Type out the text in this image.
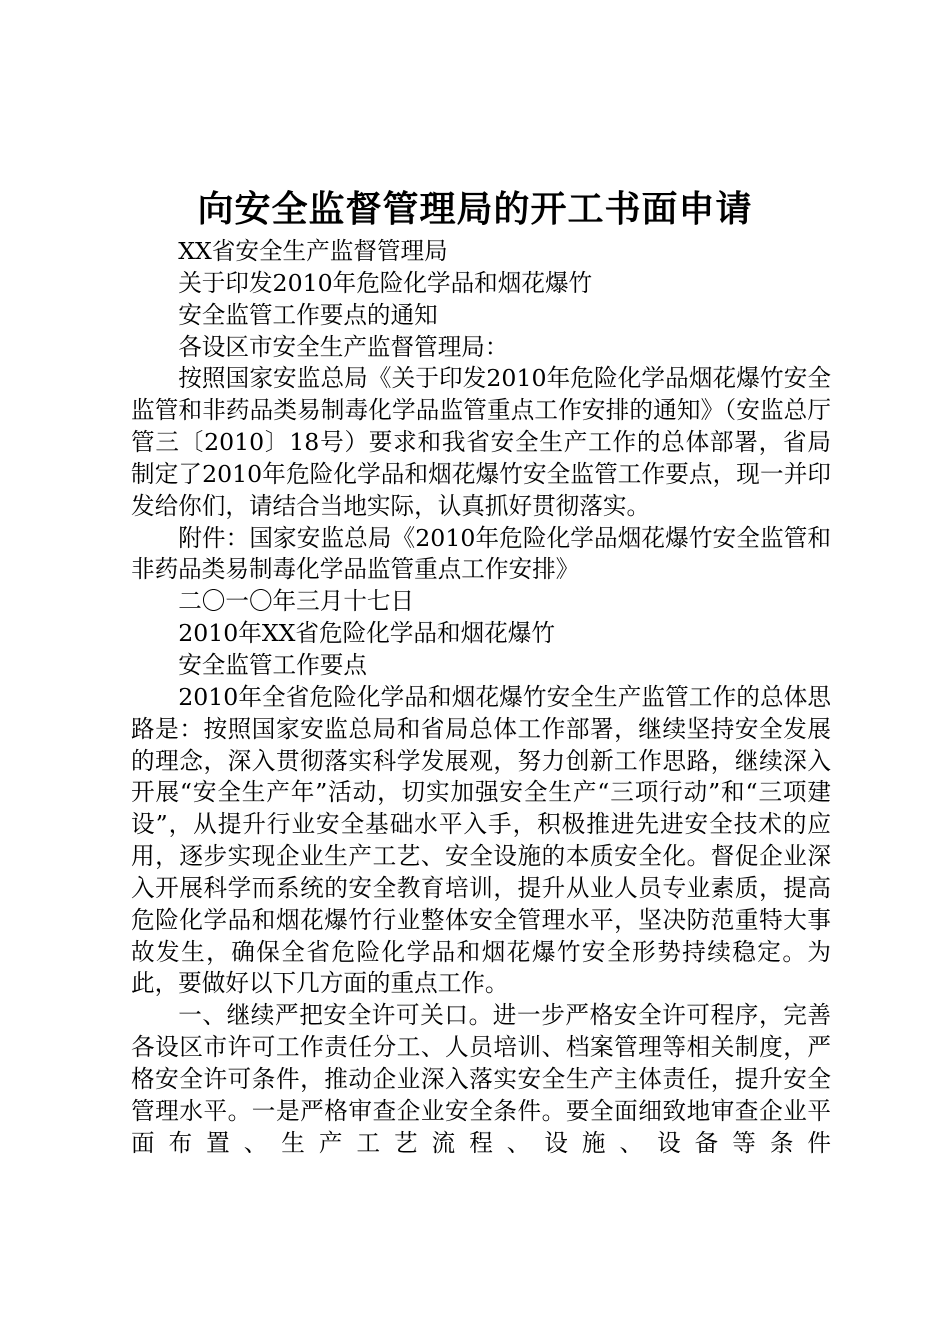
向安全监督管理局的开工书面申请

XX省安全生产监督管理局

关于印发2010年危险化学品和烟花爆竹

安全监管工作要点的通知

各设区市安全生产监督管理局：

按照国家安监总局《关于印发2010年危险化学品烟花爆竹安全监管和非药品类易制毒化学品监管重点工作安排的通知》（安监总厅管三〔2010〕18号）要求和我省安全生产工作的总体部署，省局制定了2010年危险化学品和烟花爆竹安全监管工作要点，现一并印发给你们，请结合当地实际，认真抓好贯彻落实。

附件：国家安监总局《2010年危险化学品烟花爆竹安全监管和非药品类易制毒化学品监管重点工作安排》

二〇一〇年三月十七日

2010年XX省危险化学品和烟花爆竹

安全监管工作要点

2010年全省危险化学品和烟花爆竹安全生产监管工作的总体思路是：按照国家安监总局和省局总体工作部署，继续坚持安全发展的理念，深入贯彻落实科学发展观，努力创新工作思路，继续深入开展“安全生产年”活动，切实加强安全生产“三项行动”和“三项建设”，从提升行业安全基础水平入手，积极推进先进安全技术的应用，逐步实现企业生产工艺、安全设施的本质安全化。督促企业深入开展科学而系统的安全教育培训，提升从业人员专业素质，提高危险化学品和烟花爆竹行业整体安全管理水平，坚决防范重特大事故发生，确保全省危险化学品和烟花爆竹安全形势持续稳定。为此，要做好以下几方面的重点工作。

一、继续严把安全许可关口。进一步严格安全许可程序，完善各设区市许可工作责任分工、人员培训、档案管理等相关制度，严格安全许可条件，推动企业深入落实安全生产主体责任，提升安全管理水平。一是严格审查企业安全条件。要全面细致地审查企业平面布置、生产工艺流程、设施、设备等条件
